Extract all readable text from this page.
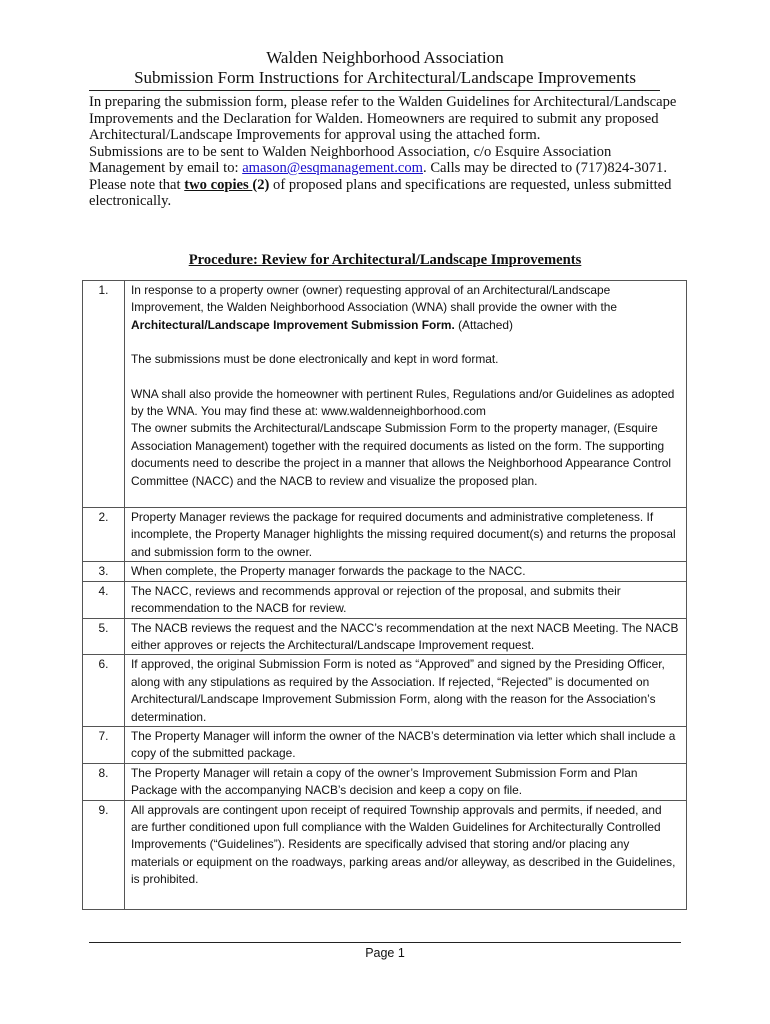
Walden Neighborhood Association
Submission Form Instructions for Architectural/Landscape Improvements

In preparing the submission form, please refer to the Walden Guidelines for Architectural/Landscape Improvements and the Declaration for Walden. Homeowners are required to submit any proposed Architectural/Landscape Improvements for approval using the attached form.

Submissions are to be sent to Walden Neighborhood Association, c/o Esquire Association Management by email to: amason@esqmanagement.com. Calls may be directed to (717)824-3071. Please note that two copies (2) of proposed plans and specifications are requested, unless submitted electronically.

Procedure: Review for Architectural/Landscape Improvements
1.	In response to a property owner (owner) requesting approval of an Architectural/Landscape Improvement, the Walden Neighborhood Association (WNA) shall provide the owner with the Architectural/Landscape Improvement Submission Form. (Attached)

The submissions must be done electronically and kept in word format.

WNA shall also provide the homeowner with pertinent Rules, Regulations and/or Guidelines as adopted by the WNA. You may find these at: www.waldenneighborhood.com

The owner submits the Architectural/Landscape Submission Form to the property manager, (Esquire Association Management) together with the required documents as listed on the form. The supporting documents need to describe the project in a manner that allows the Neighborhood Appearance Control Committee (NACC) and the NACB to review and visualize the proposed plan.

2.	Property Manager reviews the package for required documents and administrative completeness. If incomplete, the Property Manager highlights the missing required document(s) and returns the proposal and submission form to the owner.
3.	When complete, the Property manager forwards the package to the NACC.
4.	The NACC, reviews and recommends approval or rejection of the proposal, and submits their recommendation to the NACB for review.
5.	The NACB reviews the request and the NACC’s recommendation at the next NACB Meeting. The NACB either approves or rejects the Architectural/Landscape Improvement request.
6.	If approved, the original Submission Form is noted as “Approved” and signed by the Presiding Officer, along with any stipulations as required by the Association. If rejected, “Rejected” is documented on Architectural/Landscape Improvement Submission Form, along with the reason for the Association’s determination.
7.	The Property Manager will inform the owner of the NACB’s determination via letter which shall include a copy of the submitted package.
8.	The Property Manager will retain a copy of the owner’s Improvement Submission Form and Plan Package with the accompanying NACB’s decision and keep a copy on file.
9.	All approvals are contingent upon receipt of required Township approvals and permits, if needed, and are further conditioned upon full compliance with the Walden Guidelines for Architecturally Controlled Improvements (“Guidelines”). Residents are specifically advised that storing and/or placing any materials or equipment on the roadways, parking areas and/or alleyway, as described in the Guidelines, is prohibited.
Page 1
